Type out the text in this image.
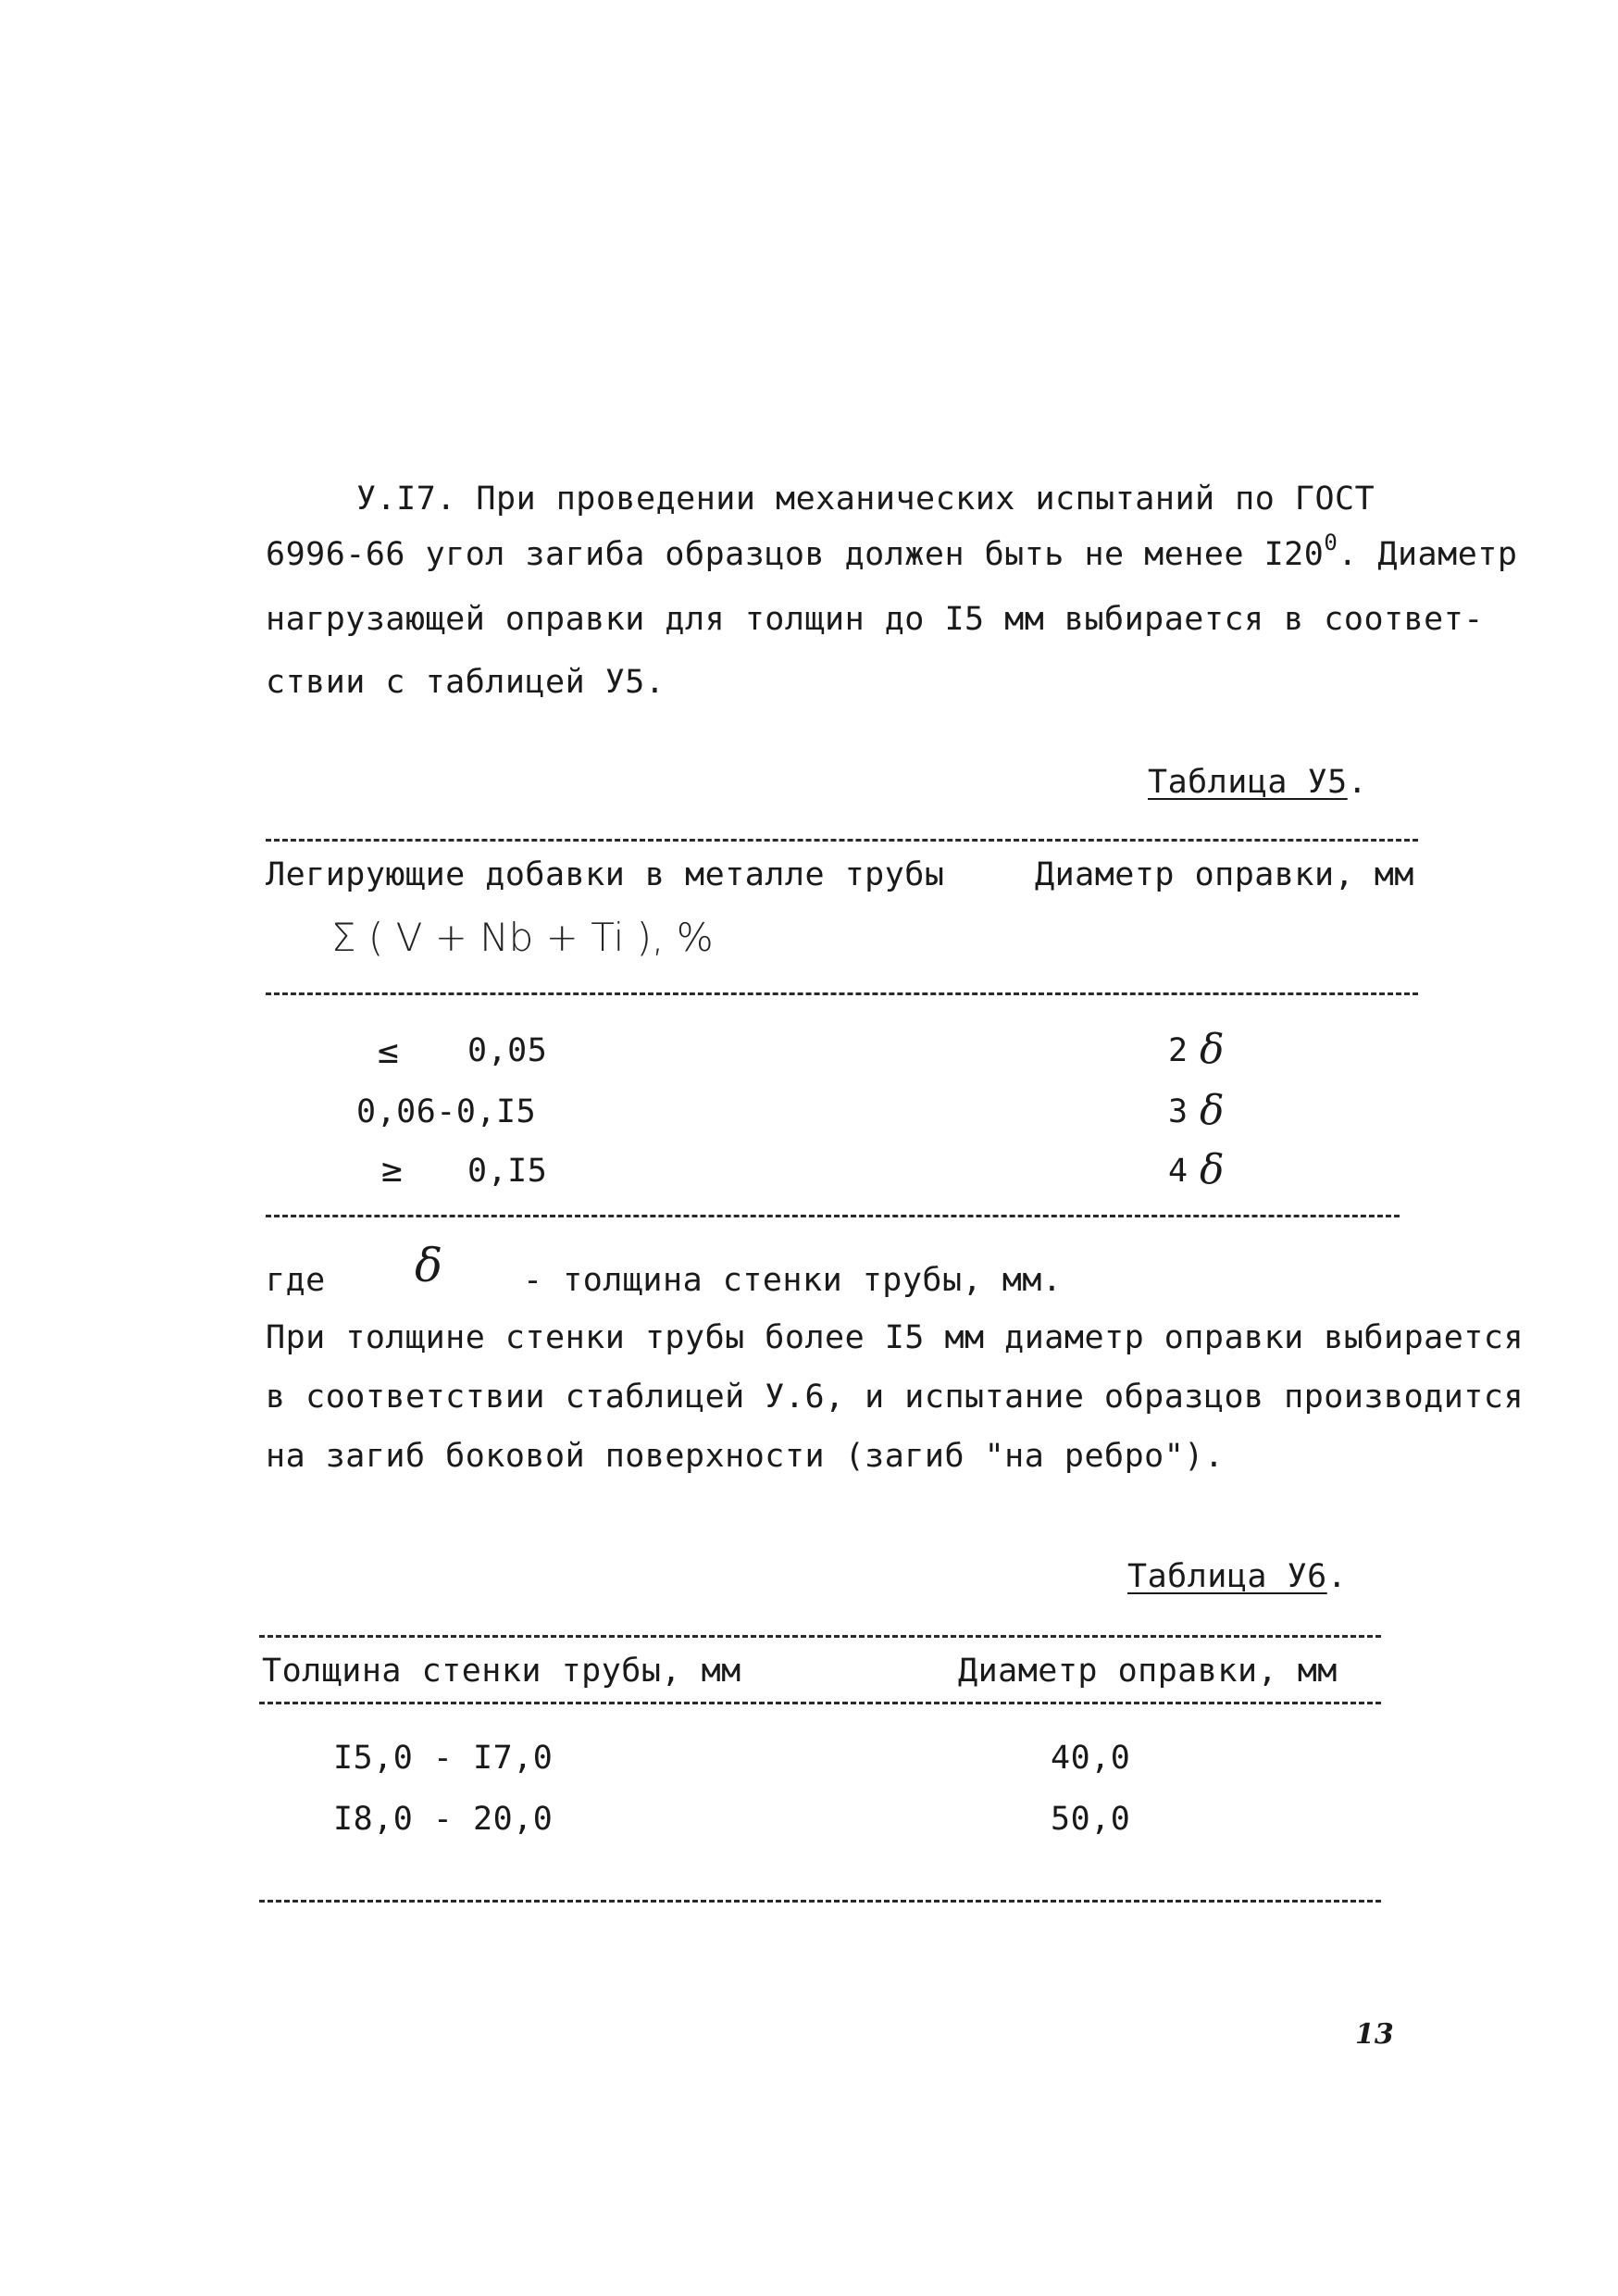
У.I7. При проведении механических испытаний по ГОСТ
6996-66 угол загиба образцов должен быть не менее $I20^0$. Диаметр
нагрузающей оправки для толщин до I5 мм выбирается в соответ-
ствии с таблицей У5.
Таблица У5.
Легирующие добавки в металле трубы	Диаметр оправки, мм
Σ ( V + Nb + Ti ), %
≤ 0,05	2 δ
0,06-0,I5	3 δ
≥ 0,I5	4 δ
где δ - толщина стенки трубы, мм.
При толщине стенки трубы более I5 мм диаметр оправки выбирается
в соответствии стаблицей У.6, и испытание образцов производится
на загиб боковой поверхности (загиб "на ребро").
Таблица У6.
Толщина стенки трубы, мм	Диаметр оправки, мм
I5,0 - I7,0	40,0
I8,0 - 20,0	50,0
13
